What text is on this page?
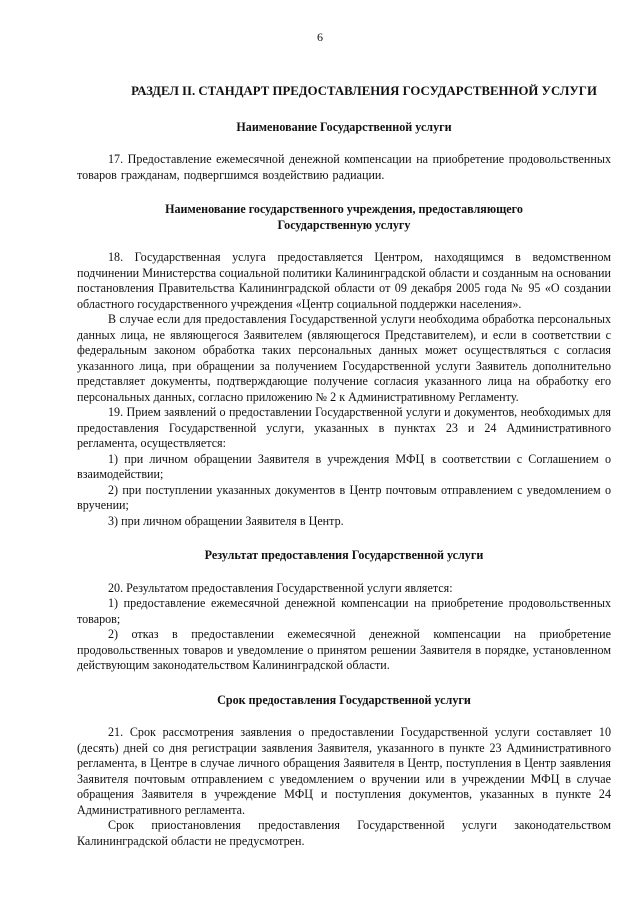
6
РАЗДЕЛ II. СТАНДАРТ ПРЕДОСТАВЛЕНИЯ ГОСУДАРСТВЕННОЙ УСЛУГИ
Наименование Государственной услуги

17. Предоставление ежемесячной денежной компенсации на приобретение продовольственных товаров гражданам, подвергшимся воздействию радиации.

Наименование государственного учреждения, предоставляющего
Государственную услугу

18. Государственная услуга предоставляется Центром, находящимся в ведомственном подчинении Министерства социальной политики Калининградской области и созданным на основании постановления Правительства Калининградской области от 09 декабря 2005 года № 95 «О создании областного государственного учреждения «Центр социальной поддержки населения».

В случае если для предоставления Государственной услуги необходима обработка персональных данных лица, не являющегося Заявителем (являющегося Представителем), и если в соответствии с федеральным законом обработка таких персональных данных может осуществляться с согласия указанного лица, при обращении за получением Государственной услуги Заявитель дополнительно представляет документы, подтверждающие получение согласия указанного лица на обработку его персональных данных, согласно приложению № 2 к Административному Регламенту.

19. Прием заявлений о предоставлении Государственной услуги и документов, необходимых для предоставления Государственной услуги, указанных в пунктах 23 и 24 Административного регламента, осуществляется:

1) при личном обращении Заявителя в учреждения МФЦ в соответствии с Соглашением о взаимодействии;

2) при поступлении указанных документов в Центр почтовым отправлением с уведомлением о вручении;

3) при личном обращении Заявителя в Центр.

Результат предоставления Государственной услуги

20. Результатом предоставления Государственной услуги является:

1) предоставление ежемесячной денежной компенсации на приобретение продовольственных товаров;

2) отказ в предоставлении ежемесячной денежной компенсации на приобретение продовольственных товаров и уведомление о принятом решении Заявителя в порядке, установленном действующим законодательством Калининградской области.

Срок предоставления Государственной услуги

21. Срок рассмотрения заявления о предоставлении Государственной услуги составляет 10 (десять) дней со дня регистрации заявления Заявителя, указанного в пункте 23 Административного регламента, в Центре в случае личного обращения Заявителя в Центр, поступления в Центр заявления Заявителя почтовым отправлением с уведомлением о вручении или в учреждении МФЦ в случае обращения Заявителя в учреждение МФЦ и поступления документов, указанных в пункте 24 Административного регламента.

Срок приостановления предоставления Государственной услуги законодательством Калининградской области не предусмотрен.
